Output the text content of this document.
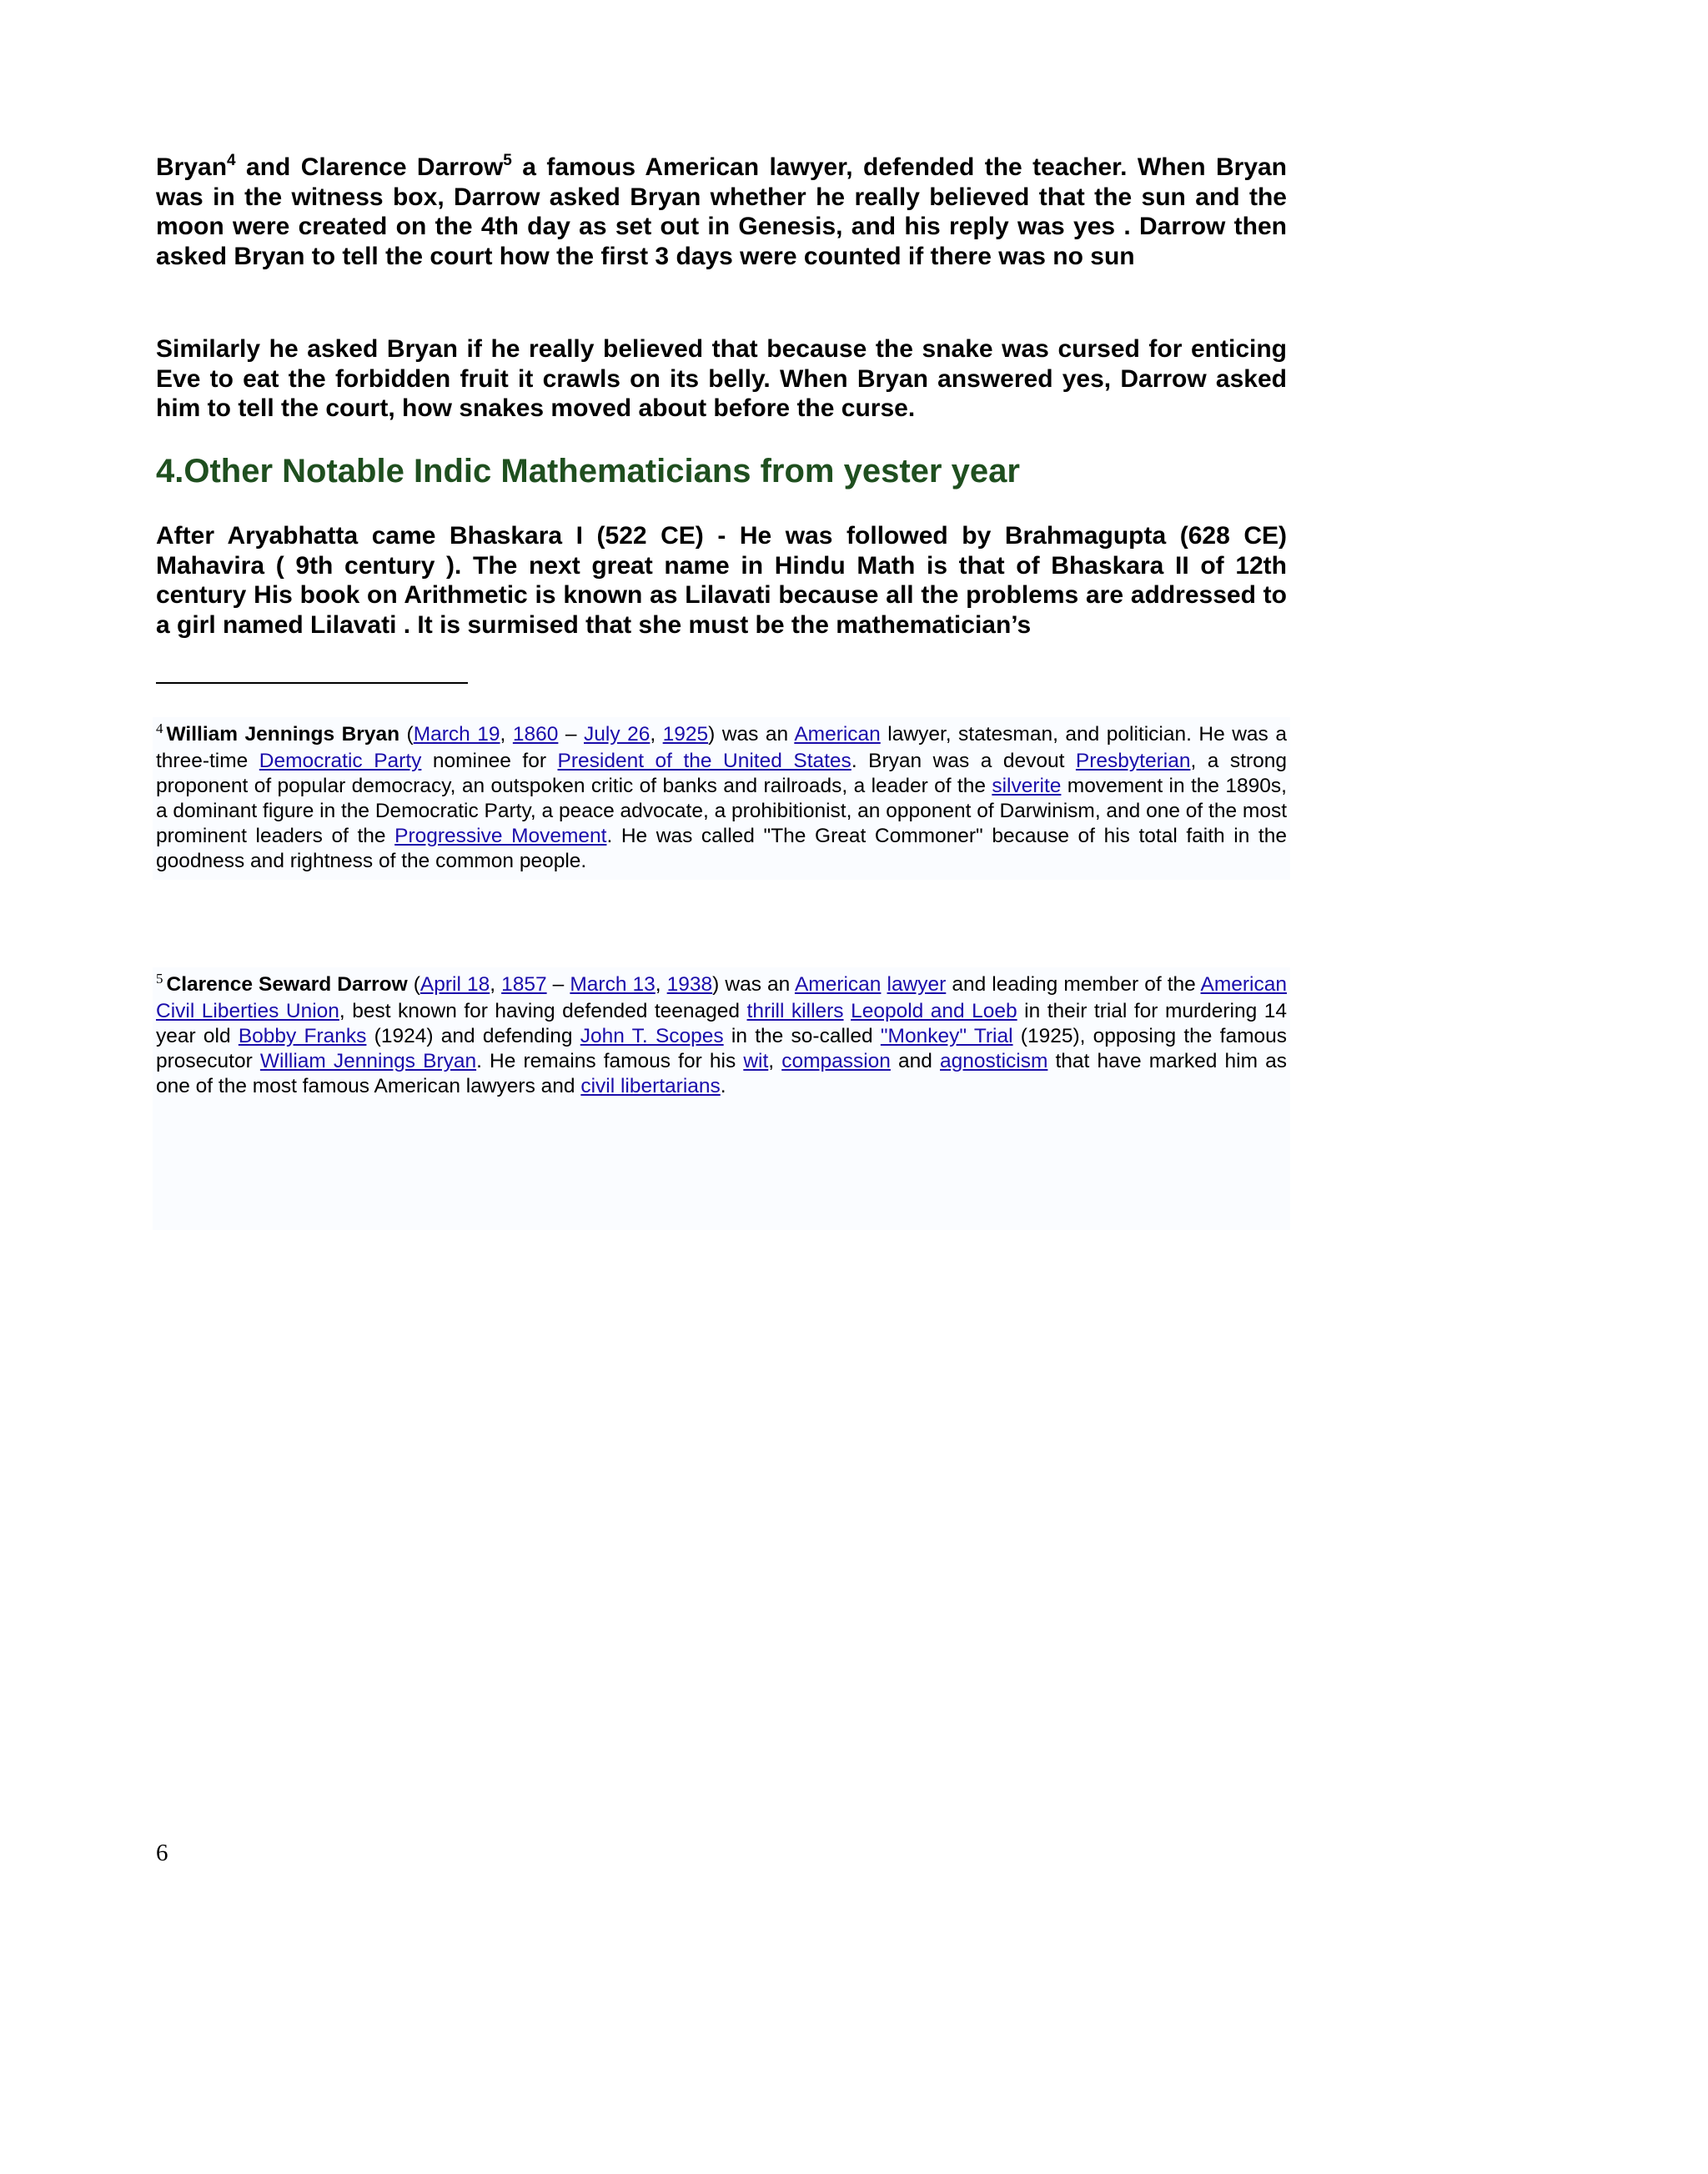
Bryan$^4$ and Clarence Darrow$^5$ a famous American lawyer, defended the teacher. When Bryan was in the witness box, Darrow asked Bryan whether he really believed that the sun and the moon were created on the 4th day as set out in Genesis, and his reply was yes . Darrow then asked Bryan to tell the court how the first 3 days were counted if there was no sun

Similarly he asked Bryan if he really believed that because the snake was cursed for enticing Eve to eat the forbidden fruit it crawls on its belly. When Bryan answered yes, Darrow asked him to tell the court, how snakes moved about before the curse.

4.Other Notable Indic Mathematicians from yester year

After Aryabhatta came Bhaskara I (522 CE) - He was followed by Brahmagupta (628 CE) Mahavira ( 9th century ). The next great name in Hindu Math is that of Bhaskara II of 12th century His book on Arithmetic is known as Lilavati because all the problems are addressed to a girl named Lilavati . It is surmised that she must be the mathematician’s

$^4$ William Jennings Bryan (March 19, 1860 – July 26, 1925) was an American lawyer, statesman, and politician. He was a three-time Democratic Party nominee for President of the United States. Bryan was a devout Presbyterian, a strong proponent of popular democracy, an outspoken critic of banks and railroads, a leader of the silverite movement in the 1890s, a dominant figure in the Democratic Party, a peace advocate, a prohibitionist, an opponent of Darwinism, and one of the most prominent leaders of the Progressive Movement. He was called "The Great Commoner" because of his total faith in the goodness and rightness of the common people.

$^5$ Clarence Seward Darrow (April 18, 1857 – March 13, 1938) was an American lawyer and leading member of the American Civil Liberties Union, best known for having defended teenaged thrill killers Leopold and Loeb in their trial for murdering 14 year old Bobby Franks (1924) and defending John T. Scopes in the so-called "Monkey" Trial (1925), opposing the famous prosecutor William Jennings Bryan. He remains famous for his wit, compassion and agnosticism that have marked him as one of the most famous American lawyers and civil libertarians.

6
